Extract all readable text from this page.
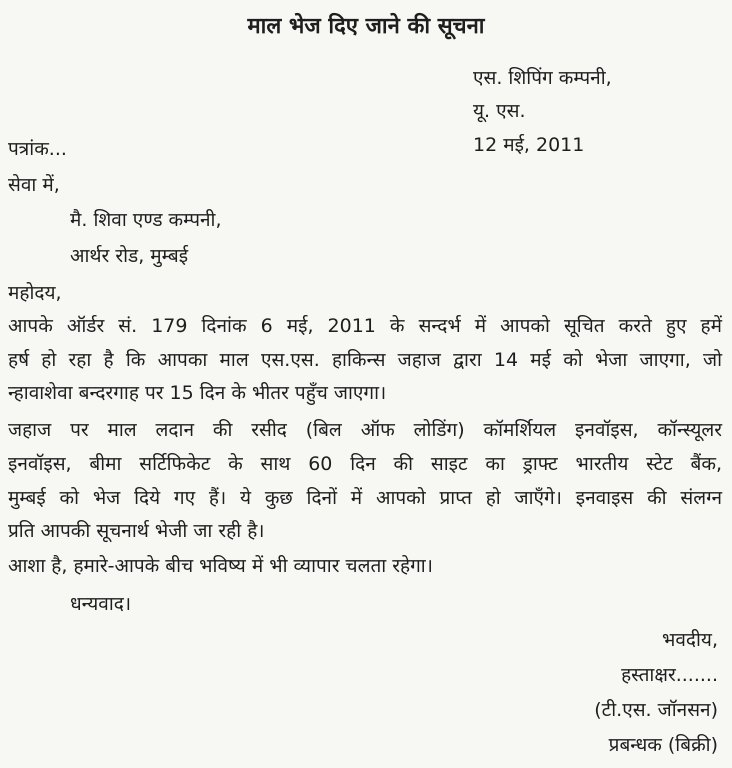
माल भेज दिए जाने की सूचना
एस. शिपिंग कम्पनी,
यू. एस.
12 मई, 2011
पत्रांक...
सेवा में,
मै. शिवा एण्ड कम्पनी,
आर्थर रोड, मुम्बई
महोदय,
आपके ऑर्डर सं. 179 दिनांक 6 मई, 2011 के सन्दर्भ में आपको सूचित करते हुए हमें
हर्ष हो रहा है कि आपका माल एस.एस. हाकिन्स जहाज द्वारा 14 मई को भेजा जाएगा, जो
न्हावाशेवा बन्दरगाह पर 15 दिन के भीतर पहुँच जाएगा।
जहाज पर माल लदान की रसीद (बिल ऑफ लोडिंग) कॉमर्शियल इनवॉइस, कॉन्स्यूलर
इनवॉइस, बीमा सर्टिफिकेट के साथ 60 दिन की साइट का ड्राफ्ट भारतीय स्टेट बैंक,
मुम्बई को भेज दिये गए हैं। ये कुछ दिनों में आपको प्राप्त हो जाएँगे। इनवाइस की संलग्न
प्रति आपकी सूचनार्थ भेजी जा रही है।
आशा है, हमारे-आपके बीच भविष्य में भी व्यापार चलता रहेगा।
धन्यवाद।
भवदीय,
हस्ताक्षर.......
(टी.एस. जॉनसन)
प्रबन्धक (बिक्री)
